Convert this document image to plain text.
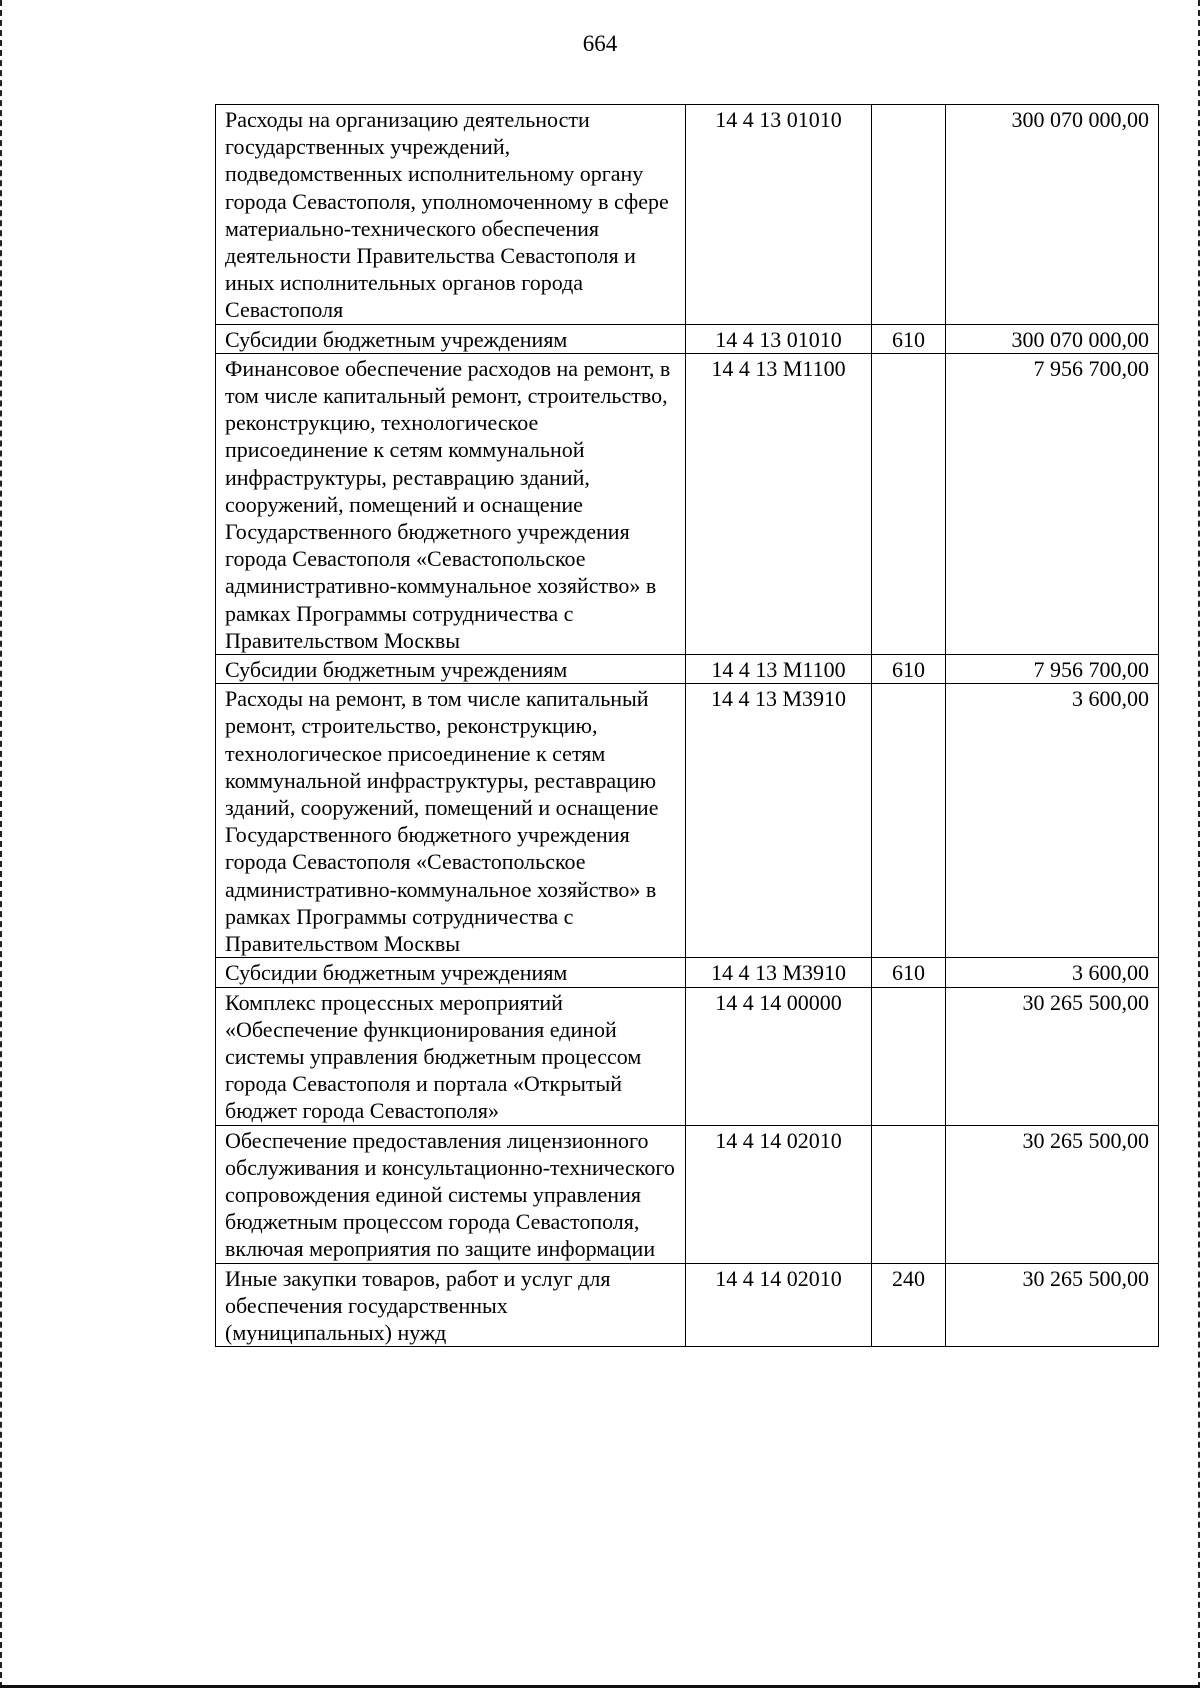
664
Расходы на организацию деятельности государственных учреждений, подведомственных исполнительному органу города Севастополя, уполномоченному в сфере материально-технического обеспечения деятельности Правительства Севастополя и иных исполнительных органов города Севастополя	14 4 13 01010		300 070 000,00
Субсидии бюджетным учреждениям	14 4 13 01010	610	300 070 000,00
Финансовое обеспечение расходов на ремонт, в том числе капитальный ремонт, строительство, реконструкцию, технологическое присоединение к сетям коммунальной инфраструктуры, реставрацию зданий, сооружений, помещений и оснащение Государственного бюджетного учреждения города Севастополя «Севастопольское административно-коммунальное хозяйство» в рамках Программы сотрудничества с Правительством Москвы	14 4 13 М1100		7 956 700,00
Субсидии бюджетным учреждениям	14 4 13 М1100	610	7 956 700,00
Расходы на ремонт, в том числе капитальный ремонт, строительство, реконструкцию, технологическое присоединение к сетям коммунальной инфраструктуры, реставрацию зданий, сооружений, помещений и оснащение Государственного бюджетного учреждения города Севастополя «Севастопольское административно-коммунальное хозяйство» в рамках Программы сотрудничества с Правительством Москвы	14 4 13 М3910		3 600,00
Субсидии бюджетным учреждениям	14 4 13 М3910	610	3 600,00
Комплекс процессных мероприятий «Обеспечение функционирования единой системы управления бюджетным процессом города Севастополя и портала «Открытый бюджет города Севастополя»	14 4 14 00000		30 265 500,00
Обеспечение предоставления лицензионного обслуживания и консультационно-технического сопровождения единой системы управления бюджетным процессом города Севастополя, включая мероприятия по защите информации	14 4 14 02010		30 265 500,00
Иные закупки товаров, работ и услуг для обеспечения государственных (муниципальных) нужд	14 4 14 02010	240	30 265 500,00
